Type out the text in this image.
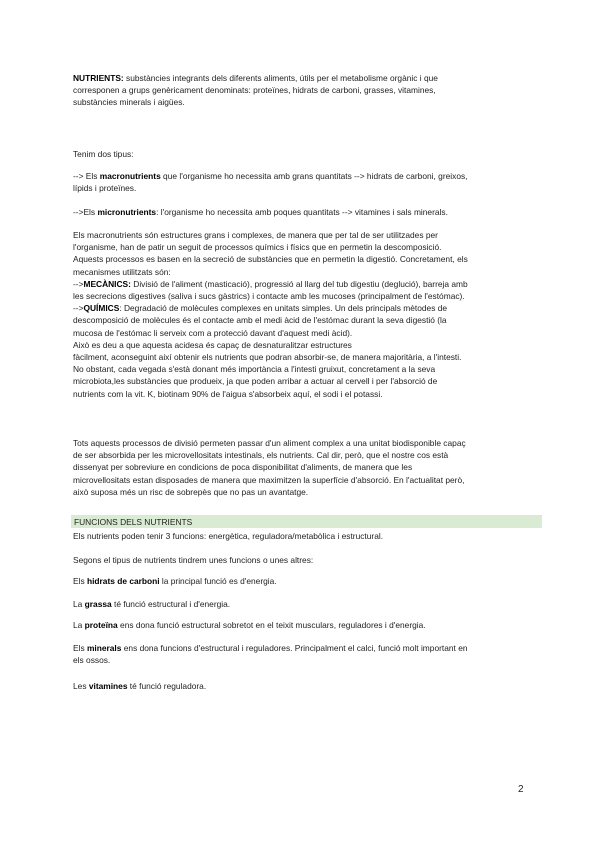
NUTRIENTS: substàncies integrants dels diferents aliments, útils per el metabolisme orgànic i que
corresponen a grups genèricament denominats: proteïnes, hidrats de carboni, grasses, vitamines,
substàncies minerals i aigües.

Tenim dos tipus:

--> Els macronutrients que l'organisme ho necessita amb grans quantitats --> hidrats de carboni, greixos,
lípids i proteïnes.

-->Els micronutrients: l'organisme ho necessita amb poques quantitats --> vitamines i sals minerals.

Els macronutrients són estructures grans i complexes, de manera que per tal de ser utilitzades per
l'organisme, han de patir un seguit de processos químics i físics que en permetin la descomposició.
Aquests processos es basen en la secreció de substàncies que en permetin la digestió. Concretament, els
mecanismes utilitzats són:
-->MECÀNICS: Divisió de l'aliment (masticació), progressió al llarg del tub digestiu (deglució), barreja amb
les secrecions digestives (saliva i sucs gàstrics) i contacte amb les mucoses (principalment de l'estómac).
-->QUÍMICS: Degradació de molècules complexes en unitats simples. Un dels principals mètodes de
descomposició de molècules és el contacte amb el medi àcid de l'estómac durant la seva digestió (la
mucosa de l'estómac li serveix com a protecció davant d'aquest medi àcid).
Això es deu a que aquesta acidesa és capaç de desnaturalitzar estructures
fàcilment, aconseguint així obtenir els nutrients que podran absorbir-se, de manera majoritària, a l'intesti.
No obstant, cada vegada s'està donant més importància a l'intesti gruixut, concretament a la seva
microbiota,les substàncies que produeix, ja que poden arribar a actuar al cervell i per l'absorció de
nutrients com la vit. K, biotinam 90% de l'aigua s'absorbeix aquí, el sodi i el potassi.

Tots aquests processos de divisió permeten passar d'un aliment complex a una unitat biodisponible capaç
de ser absorbida per les microvellositats intestinals, els nutrients. Cal dir, però, que el nostre cos està
dissenyat per sobreviure en condicions de poca disponibilitat d'aliments, de manera que les
microvellositats estan disposades de manera que maximitzen la superfície d'absorció. En l'actualitat però,
això suposa més un risc de sobrepès que no pas un avantatge.

FUNCIONS DELS NUTRIENTS

Els nutrients poden tenir 3 funcions: energètica, reguladora/metabòlica i estructural.

Segons el tipus de nutrients tindrem unes funcions o unes altres:

Els hidrats de carboni la principal funció es d'energia.

La grassa té funció estructural i d'energia.

La proteïna ens dona funció estructural sobretot en el teixit musculars, reguladores i d'energia.

Els minerals ens dona funcions d'estructural i reguladores. Principalment el calci, funció molt important en
els ossos.

Les vitamines té funció reguladora.

2
